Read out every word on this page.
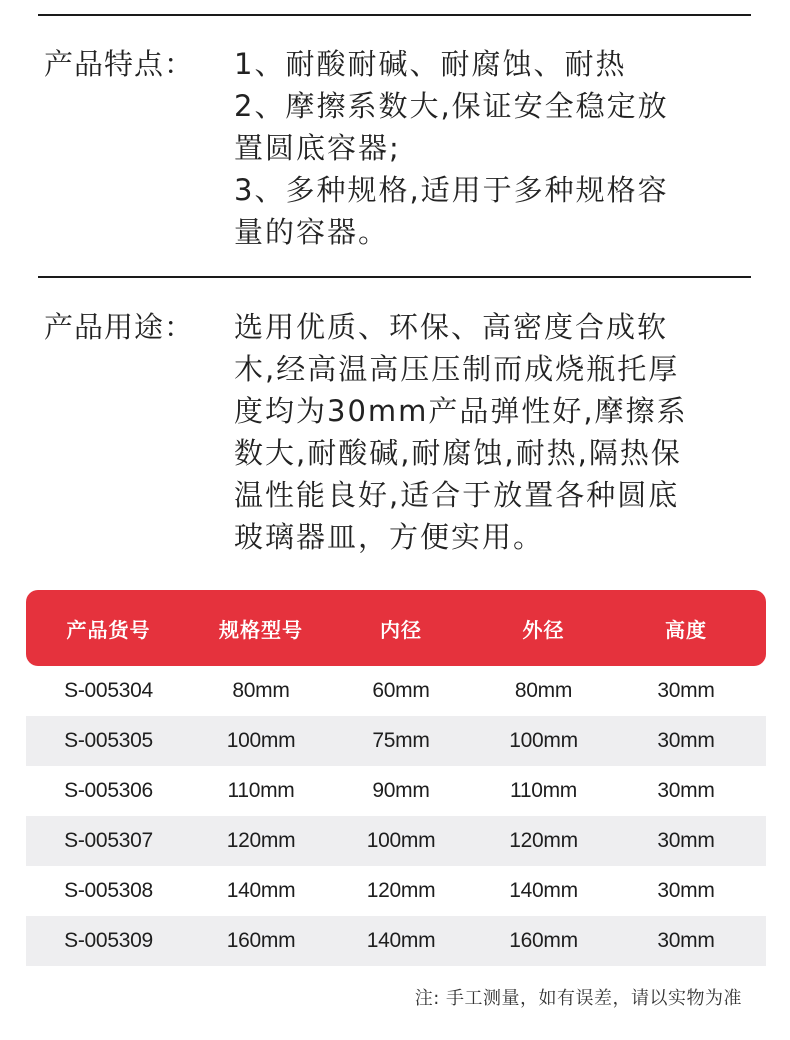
产品特点： 1、耐酸耐碱、耐腐蚀、耐热
2、摩擦系数大,保证安全稳定放
置圆底容器;
3、多种规格,适用于多种规格容
量的容器。
产品用途： 选用优质、环保、高密度合成软
木,经高温高压压制而成烧瓶托厚
度均为30mm产品弹性好,摩擦系
数大,耐酸碱,耐腐蚀,耐热,隔热保
温性能良好,适合于放置各种圆底
玻璃器皿，方便实用。
产品货号	规格型号	内径	外径	高度
S-005304	80mm	60mm	80mm	30mm
S-005305	100mm	75mm	100mm	30mm
S-005306	110mm	90mm	110mm	30mm
S-005307	120mm	100mm	120mm	30mm
S-005308	140mm	120mm	140mm	30mm
S-005309	160mm	140mm	160mm	30mm
注: 手工测量，如有误差，请以实物为准
